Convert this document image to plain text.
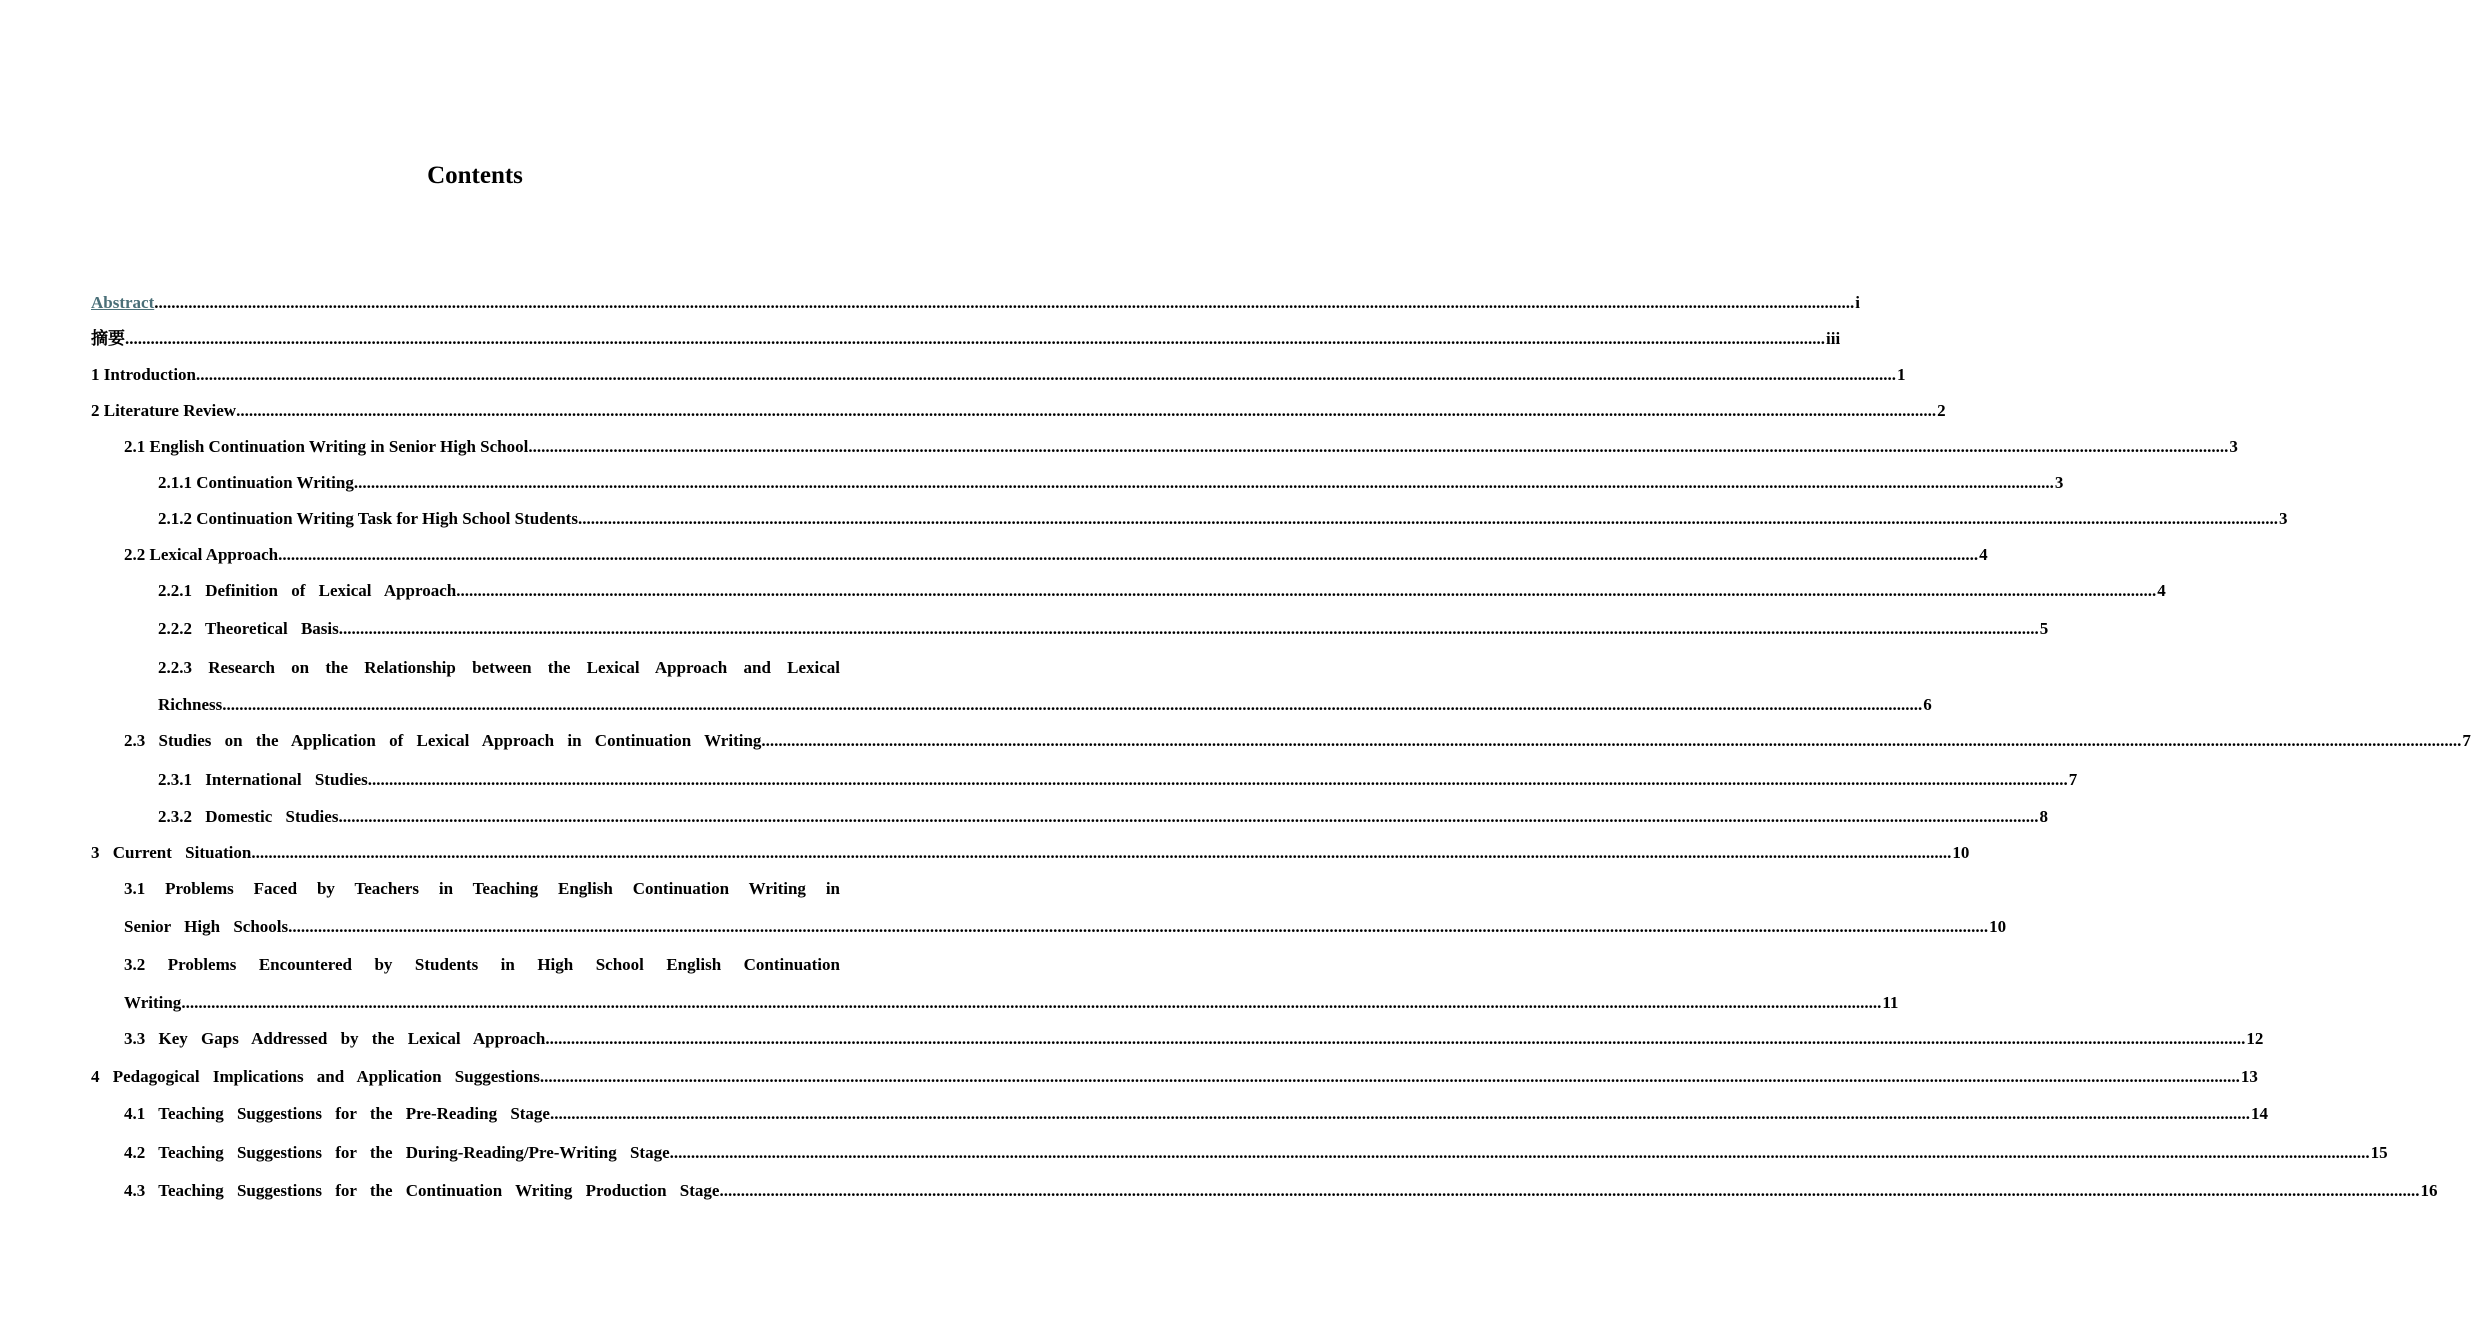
Contents
Abstract ................................................................................................................................................................................................................................................................................................................................................................................................................ i
摘要 ................................................................................................................................................................................................................................................................................................................................................................................................................ iii
1 Introduction ................................................................................................................................................................................................................................................................................................................................................................................................................ 1
2 Literature Review ................................................................................................................................................................................................................................................................................................................................................................................................................ 2
2.1 English Continuation Writing in Senior High School ................................................................................................................................................................................................................................................................................................................................................................................................................ 3
2.1.1 Continuation Writing ................................................................................................................................................................................................................................................................................................................................................................................................................ 3
2.1.2 Continuation Writing Task for High School Students ................................................................................................................................................................................................................................................................................................................................................................................................................ 3
2.2 Lexical Approach ................................................................................................................................................................................................................................................................................................................................................................................................................ 4
2.2.1 Definition of Lexical Approach ................................................................................................................................................................................................................................................................................................................................................................................................................ 4
2.2.2 Theoretical Basis ................................................................................................................................................................................................................................................................................................................................................................................................................ 5
2.2.3 Research on the Relationship between the Lexical Approach and Lexical
Richness ................................................................................................................................................................................................................................................................................................................................................................................................................ 6
2.3 Studies on the Application of Lexical Approach in Continuation Writing ................................................................................................................................................................................................................................................................................................................................................................................................................ 7
2.3.1 International Studies ................................................................................................................................................................................................................................................................................................................................................................................................................ 7
2.3.2 Domestic Studies ................................................................................................................................................................................................................................................................................................................................................................................................................ 8
3 Current Situation ................................................................................................................................................................................................................................................................................................................................................................................................................ 10
3.1 Problems Faced by Teachers in Teaching English Continuation Writing in
Senior High Schools ................................................................................................................................................................................................................................................................................................................................................................................................................ 10
3.2 Problems Encountered by Students in High School English Continuation
Writing ................................................................................................................................................................................................................................................................................................................................................................................................................ 11
3.3 Key Gaps Addressed by the Lexical Approach ................................................................................................................................................................................................................................................................................................................................................................................................................ 12
4 Pedagogical Implications and Application Suggestions ................................................................................................................................................................................................................................................................................................................................................................................................................ 13
4.1 Teaching Suggestions for the Pre-Reading Stage ................................................................................................................................................................................................................................................................................................................................................................................................................ 14
4.2 Teaching Suggestions for the During-Reading/Pre-Writing Stage ................................................................................................................................................................................................................................................................................................................................................................................................................ 15
4.3 Teaching Suggestions for the Continuation Writing Production Stage ................................................................................................................................................................................................................................................................................................................................................................................................................ 16
